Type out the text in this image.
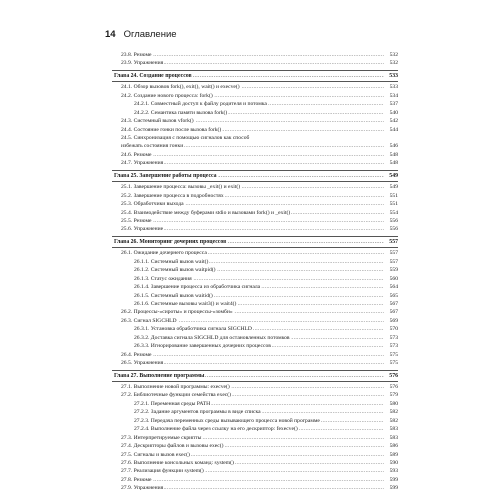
14 Оглавление
23.8. Резюме .....	532
23.9. Упражнения .....	532
Глава 24. Создание процессов .....	533
24.1. Обзор вызовов fork(), exit(), wait() и execve() .....	533
24.2. Создание нового процесса: fork() .....	534
24.2.1. Совместный доступ к файлу родителя и потомка .....	537
24.2.2. Семантика памяти вызова fork() .....	540
24.3. Системный вызов vfork() .....	542
24.4. Состояние гонки после вызова fork() .....	544
24.5. Синхронизация с помощью сигналов как способ
избежать состояния гонки .....	546
24.6. Резюме .....	548
24.7. Упражнения .....	548
Глава 25. Завершение работы процесса .....	549
25.1. Завершение процесса: вызовы _exit() и exit() .....	549
25.2. Завершение процесса в подробностях .....	551
25.3. Обработчики выхода .....	551
25.4. Взаимодействие между буферами stdio и вызовами fork() и _exit() .....	554
25.5. Резюме .....	556
25.6. Упражнение .....	556
Глава 26. Мониторинг дочерних процессов .....	557
26.1. Ожидание дочернего процесса .....	557
26.1.1. Системный вызов wait() .....	557
26.1.2. Системный вызов waitpid() .....	559
26.1.3. Статус ожидания .....	560
26.1.4. Завершение процесса из обработчика сигнала .....	564
26.1.5. Системный вызов waitid() .....	565
26.1.6. Системные вызовы wait3() и wait4() .....	567
26.2. Процессы-«сироты» и процессы-«зомби» .....	567
26.3. Сигнал SIGCHLD .....	569
26.3.1. Установка обработчика сигнала SIGCHLD .....	570
26.3.2. Доставка сигнала SIGCHLD для остановленных потомков .....	573
26.3.3. Игнорирование завершенных дочерних процессов .....	573
26.4. Резюме .....	575
26.5. Упражнения .....	575
Глава 27. Выполнение программы .....	576
27.1. Выполнение новой программы: execve() .....	576
27.2. Библиотечные функции семейства exec() .....	579
27.2.1. Переменная среды PATH .....	580
27.2.2. Задание аргументов программы в виде списка .....	582
27.2.3. Передача переменных среды вызывающего процесса новой программе .....	582
27.2.4. Выполнение файла через ссылку на его дескриптор: fexecve() .....	583
27.3. Интерпретируемые скрипты .....	583
27.4. Дескрипторы файлов и вызовы exec() .....	586
27.5. Сигналы и вызов exec() .....	589
27.6. Выполнение консольных команд: system() .....	590
27.7. Реализация функции system() .....	593
27.8. Резюме .....	599
27.9. Упражнения .....	599
